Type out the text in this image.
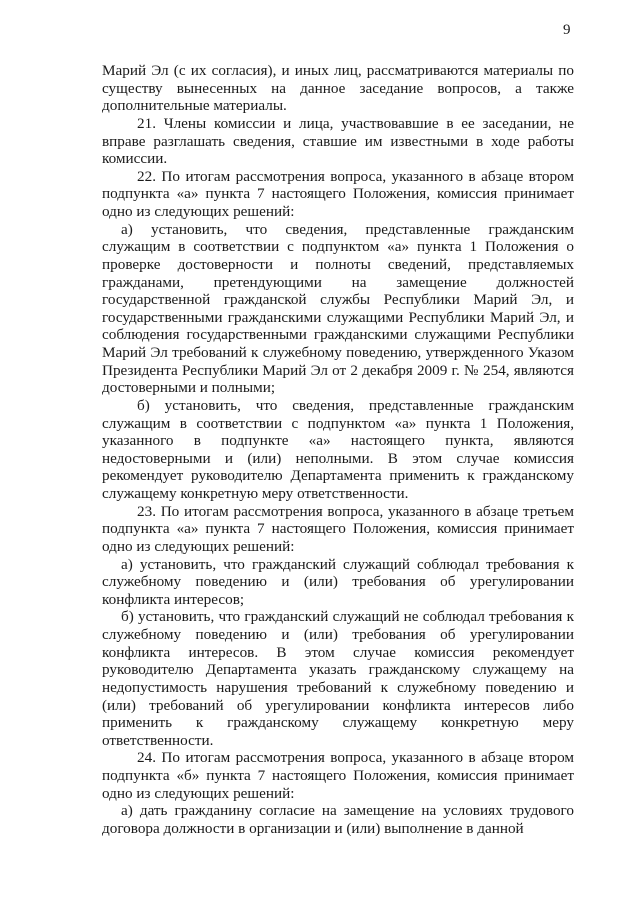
9

Марий Эл (с их согласия), и иных лиц, рассматриваются материалы по существу вынесенных на данное заседание вопросов, а также дополнительные материалы.

21. Члены комиссии и лица, участвовавшие в ее заседании, не вправе разглашать сведения, ставшие им известными в ходе работы комиссии.

22. По итогам рассмотрения вопроса, указанного в абзаце втором подпункта «а» пункта 7 настоящего Положения, комиссия принимает одно из следующих решений:

а) установить, что сведения, представленные гражданским служащим в соответствии с подпунктом «а» пункта 1 Положения о проверке достоверности и полноты сведений, представляемых гражданами, претендующими на замещение должностей государственной гражданской службы Республики Марий Эл, и государственными гражданскими служащими Республики Марий Эл, и соблюдения государственными гражданскими служащими Республики Марий Эл требований к служебному поведению, утвержденного Указом Президента Республики Марий Эл от 2 декабря 2009 г. № 254, являются достоверными и полными;

б) установить, что сведения, представленные гражданским служащим в соответствии с подпунктом «а» пункта 1 Положения, указанного в подпункте «а» настоящего пункта, являются недостоверными и (или) неполными. В этом случае комиссия рекомендует руководителю Департамента применить к гражданскому служащему конкретную меру ответственности.

23. По итогам рассмотрения вопроса, указанного в абзаце третьем подпункта «а» пункта 7 настоящего Положения, комиссия принимает одно из следующих решений:

а) установить, что гражданский служащий соблюдал требования к служебному поведению и (или) требования об урегулировании конфликта интересов;

б) установить, что гражданский служащий не соблюдал требования к служебному поведению и (или) требования об урегулировании конфликта интересов. В этом случае комиссия рекомендует руководителю Департамента указать гражданскому служащему на недопустимость нарушения требований к служебному поведению и (или) требований об урегулировании конфликта интересов либо применить к гражданскому служащему конкретную меру ответственности.

24. По итогам рассмотрения вопроса, указанного в абзаце втором подпункта «б» пункта 7 настоящего Положения, комиссия принимает одно из следующих решений:

а) дать гражданину согласие на замещение на условиях трудового договора должности в организации и (или) выполнение в данной
